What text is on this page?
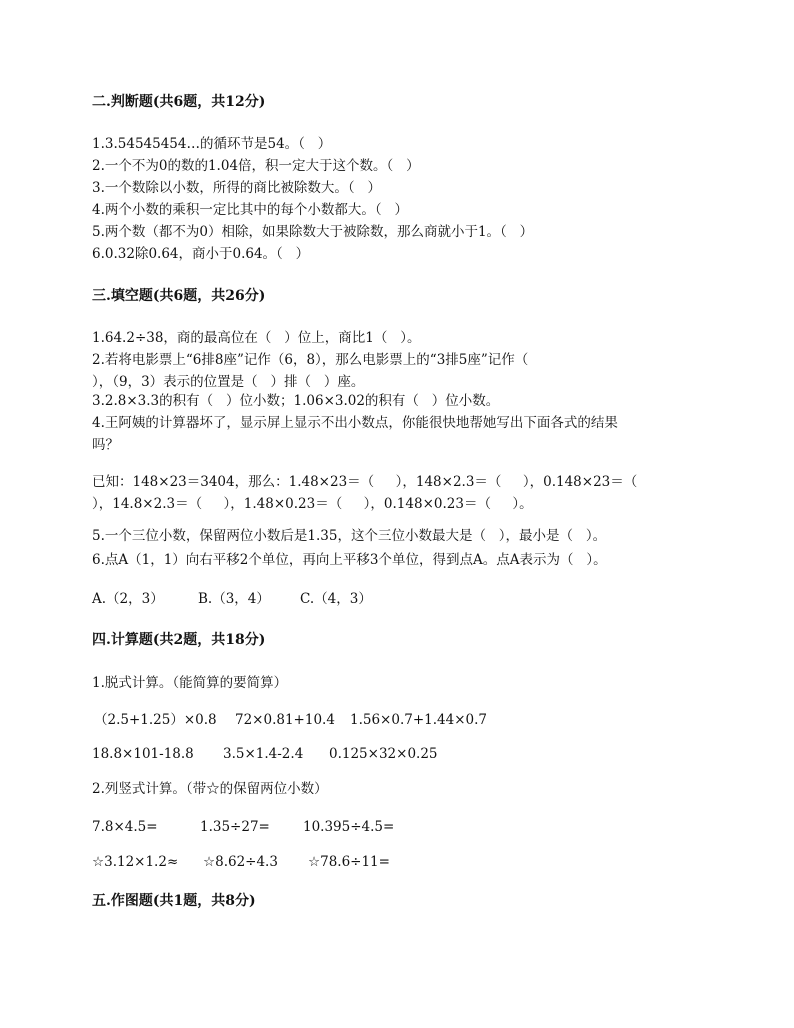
二.判断题(共6题，共12分)
1.3.54545454…的循环节是54。（   ）
2.一个不为0的数的1.04倍，积一定大于这个数。（   ）
3.一个数除以小数，所得的商比被除数大。（   ）
4.两个小数的乘积一定比其中的每个小数都大。（   ）
5.两个数（都不为0）相除，如果除数大于被除数，那么商就小于1。（   ）
6.0.32除0.64，商小于0.64。（   ）
三.填空题(共6题，共26分)
1.64.2÷38，商的最高位在（   ）位上，商比1（   ）。
2.若将电影票上“6排8座”记作（6，8），那么电影票上的“3排5座”记作（
），（9，3）表示的位置是（   ）排（   ）座。
3.2.8×3.3的积有（   ）位小数；1.06×3.02的积有（   ）位小数。
4.王阿姨的计算器坏了，显示屏上显示不出小数点，你能很快地帮她写出下面各式的结果
吗？
已知：148×23＝3404，那么：1.48×23＝（     ），148×2.3＝（     ），0.148×23＝（
），14.8×2.3＝（     ），1.48×0.23＝（     ），0.148×0.23＝（     ）。
5.一个三位小数，保留两位小数后是1.35，这个三位小数最大是（   ），最小是（   ）。
6.点A（1，1）向右平移2个单位，再向上平移3个单位，得到点A。点A表示为（   ）。

A.（2，3）

	B.（3，4）

C.（4，3）

四.计算题(共2题，共18分)
1.脱式计算。（能简算的要简算）

（2.5+1.25）×0.8

72×0.81+10.4

1.56×0.7+1.44×0.7

18.8×101-18.8

3.5×1.4-2.4

0.125×32×0.25

2.列竖式计算。（带☆的保留两位小数）

7.8×4.5=

	1.35÷27=

10.395÷4.5=

☆3.12×1.2≈

☆8.62÷4.3

☆78.6÷11=

五.作图题(共1题，共8分)
